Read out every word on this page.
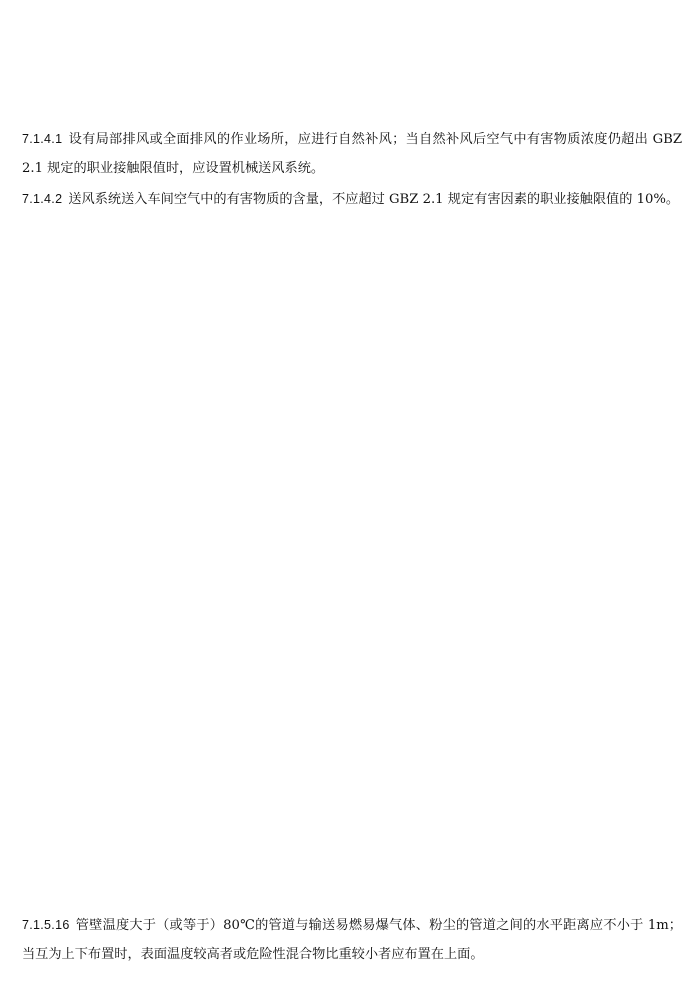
7.1.4.1 设有局部排风或全面排风的作业场所，应进行自然补风；当自然补风后空气中有害物质浓度仍超出 GBZ 2.1 规定的职业接触限值时，应设置机械送风系统。
7.1.4.2 送风系统送入车间空气中的有害物质的含量，不应超过 GBZ 2.1 规定有害因素的职业接触限值的 10%。
7.1.5.16 管壁温度大于（或等于）80℃的管道与输送易燃易爆气体、粉尘的管道之间的水平距离应不小于 1m；当互为上下布置时，表面温度较高者或危险性混合物比重较小者应布置在上面。
